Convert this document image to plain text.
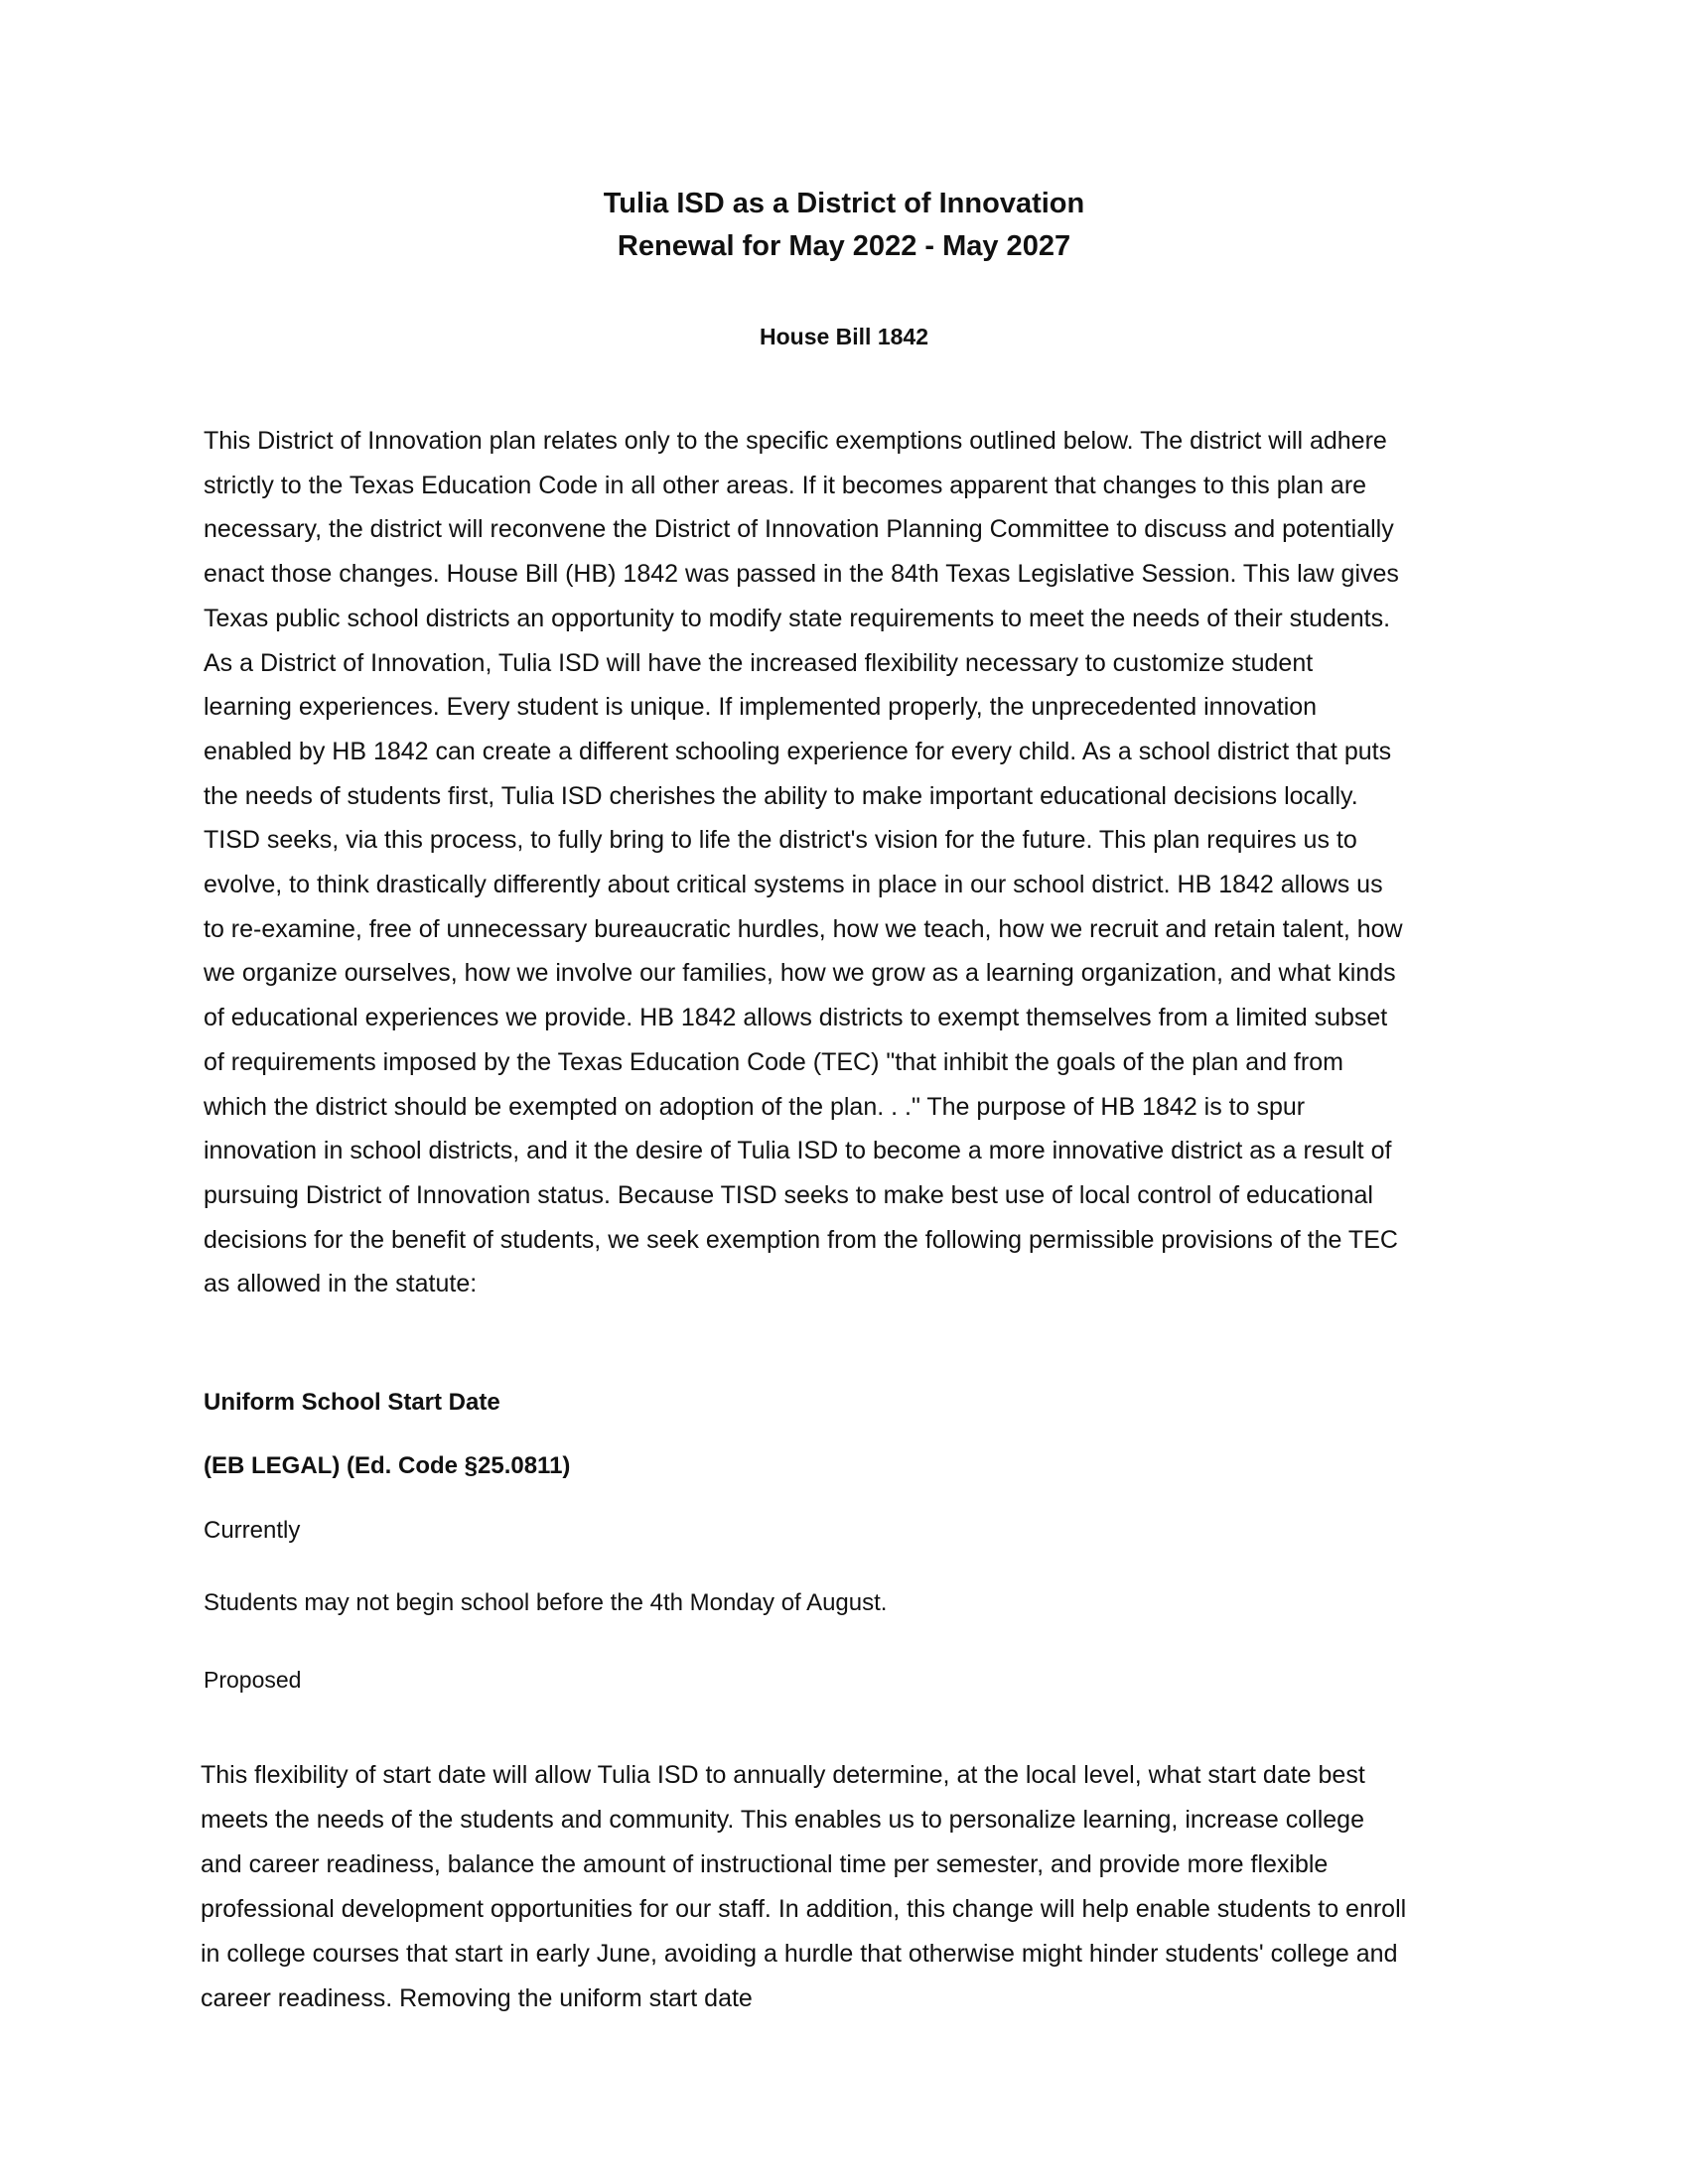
Tulia ISD as a District of Innovation
Renewal for May 2022 - May 2027
House Bill 1842
This District of Innovation plan relates only to the specific exemptions outlined below. The district will adhere strictly to the Texas Education Code in all other areas. If it becomes apparent that changes to this plan are necessary, the district will reconvene the District of Innovation Planning Committee to discuss and potentially enact those changes. House Bill (HB) 1842 was passed in the 84th Texas Legislative Session. This law gives Texas public school districts an opportunity to modify state requirements to meet the needs of their students. As a District of Innovation, Tulia ISD will have the increased flexibility necessary to customize student learning experiences. Every student is unique. If implemented properly, the unprecedented innovation enabled by HB 1842 can create a different schooling experience for every child. As a school district that puts the needs of students first, Tulia ISD cherishes the ability to make important educational decisions locally. TISD seeks, via this process, to fully bring to life the district's vision for the future. This plan requires us to evolve, to think drastically differently about critical systems in place in our school district. HB 1842 allows us to re-examine, free of unnecessary bureaucratic hurdles, how we teach, how we recruit and retain talent, how we organize ourselves, how we involve our families, how we grow as a learning organization, and what kinds of educational experiences we provide. HB 1842 allows districts to exempt themselves from a limited subset of requirements imposed by the Texas Education Code (TEC) "that inhibit the goals of the plan and from which the district should be exempted on adoption of the plan. . ." The purpose of HB 1842 is to spur innovation in school districts, and it the desire of Tulia ISD to become a more innovative district as a result of pursuing District of Innovation status. Because TISD seeks to make best use of local control of educational decisions for the benefit of students, we seek exemption from the following permissible provisions of the TEC as allowed in the statute:
Uniform School Start Date
(EB LEGAL) (Ed. Code §25.0811)
Currently
Students may not begin school before the 4th Monday of August.
Proposed
This flexibility of start date will allow Tulia ISD to annually determine, at the local level, what start date best meets the needs of the students and community. This enables us to personalize learning, increase college and career readiness, balance the amount of instructional time per semester, and provide more flexible professional development opportunities for our staff. In addition, this change will help enable students to enroll in college courses that start in early June, avoiding a hurdle that otherwise might hinder students' college and career readiness. Removing the uniform start date
